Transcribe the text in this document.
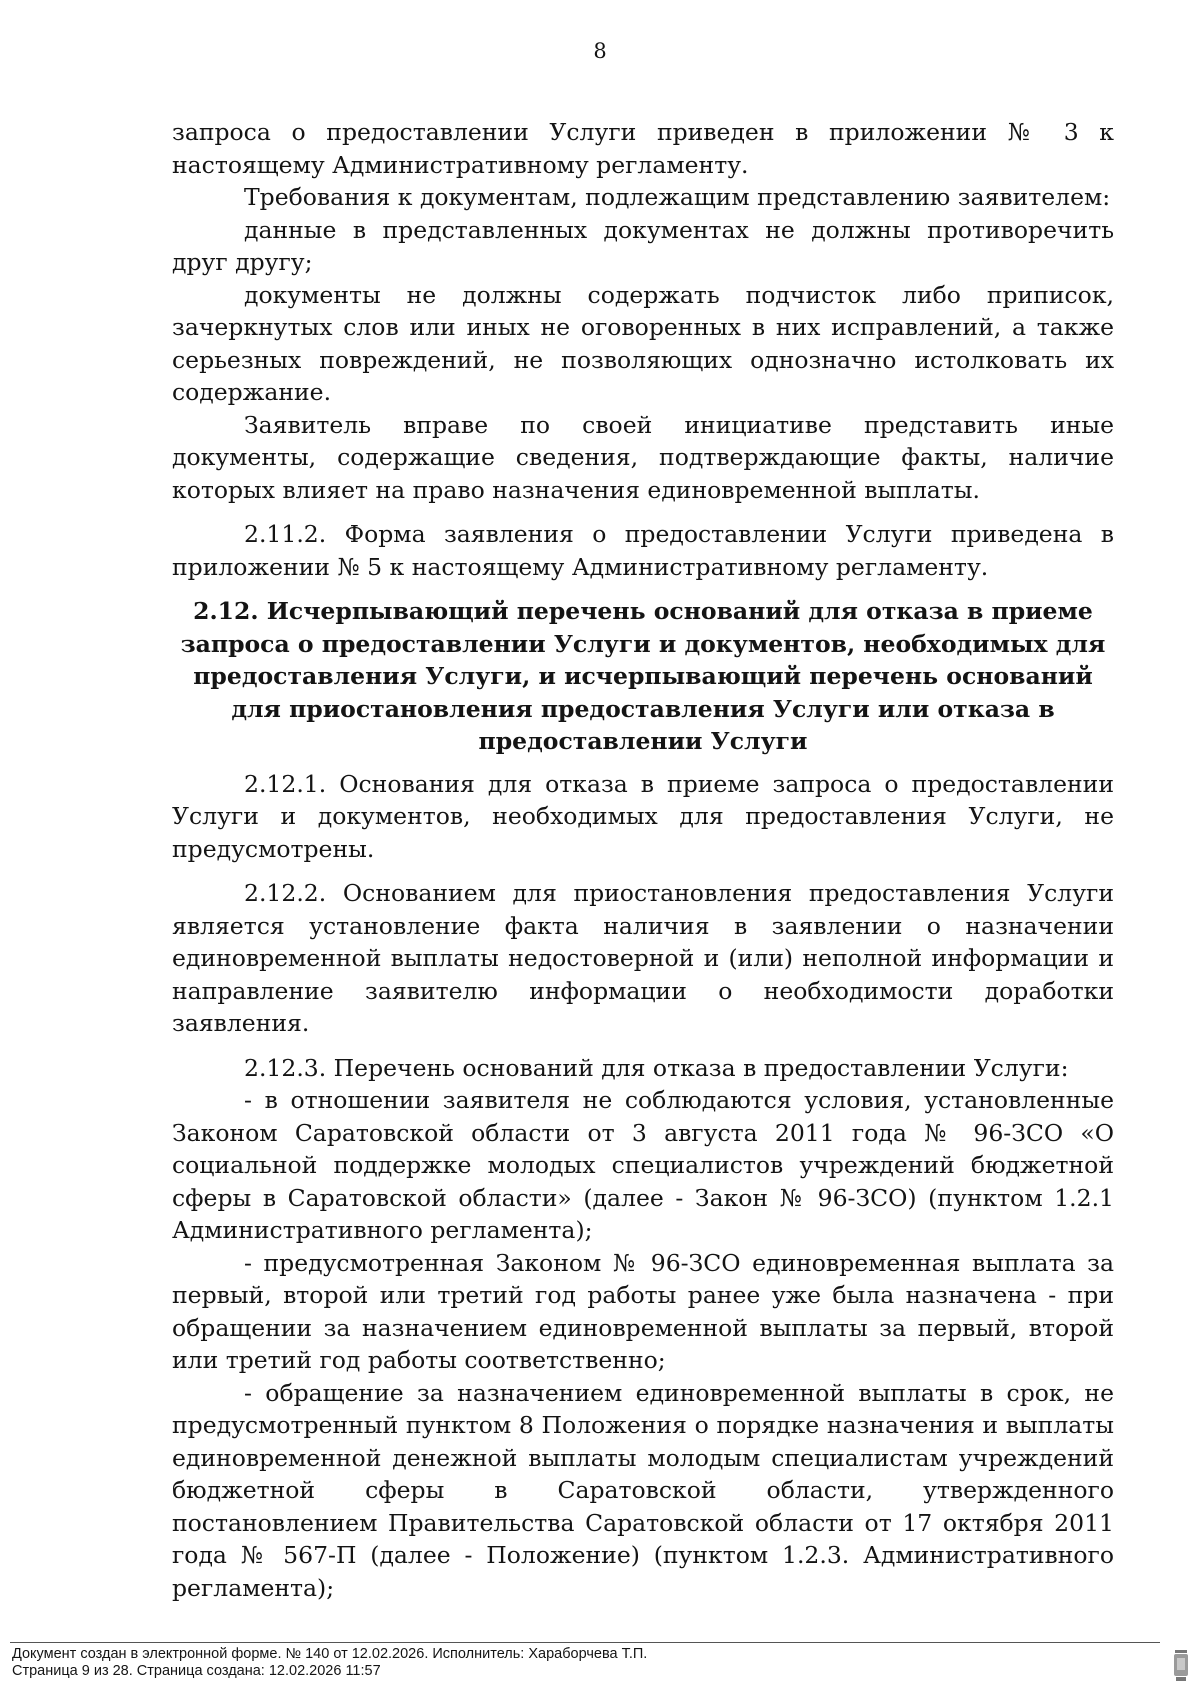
8

запроса о предоставлении Услуги приведен в приложении № 3 к настоящему Административному регламенту.

Требования к документам, подлежащим представлению заявителем:

данные в представленных документах не должны противоречить друг другу;

документы не должны содержать подчисток либо приписок, зачеркнутых слов или иных не оговоренных в них исправлений, а также серьезных повреждений, не позволяющих однозначно истолковать их содержание.

Заявитель вправе по своей инициативе представить иные документы, содержащие сведения, подтверждающие факты, наличие которых влияет на право назначения единовременной выплаты.

2.11.2. Форма заявления о предоставлении Услуги приведена в приложении № 5 к настоящему Административному регламенту.

2.12. Исчерпывающий перечень оснований для отказа в приеме запроса о предоставлении Услуги и документов, необходимых для предоставления Услуги, и исчерпывающий перечень оснований для приостановления предоставления Услуги или отказа в предоставлении Услуги

2.12.1. Основания для отказа в приеме запроса о предоставлении Услуги и документов, необходимых для предоставления Услуги, не предусмотрены.

2.12.2. Основанием для приостановления предоставления Услуги является установление факта наличия в заявлении о назначении единовременной выплаты недостоверной и (или) неполной информации и направление заявителю информации о необходимости доработки заявления.

2.12.3. Перечень оснований для отказа в предоставлении Услуги:

- в отношении заявителя не соблюдаются условия, установленные Законом Саратовской области от 3 августа 2011 года № 96-ЗСО «О социальной поддержке молодых специалистов учреждений бюджетной сферы в Саратовской области» (далее - Закон № 96-ЗСО) (пунктом 1.2.1 Административного регламента);

- предусмотренная Законом № 96-ЗСО единовременная выплата за первый, второй или третий год работы ранее уже была назначена - при обращении за назначением единовременной выплаты за первый, второй или третий год работы соответственно;

- обращение за назначением единовременной выплаты в срок, не предусмотренный пунктом 8 Положения о порядке назначения и выплаты единовременной денежной выплаты молодым специалистам учреждений бюджетной сферы в Саратовской области, утвержденного постановлением Правительства Саратовской области от 17 октября 2011 года № 567-П (далее - Положение) (пунктом 1.2.3. Административного регламента);

Документ создан в электронной форме. № 140 от 12.02.2026. Исполнитель: Хараборчева Т.П.
Страница 9 из 28. Страница создана: 12.02.2026 11:57
